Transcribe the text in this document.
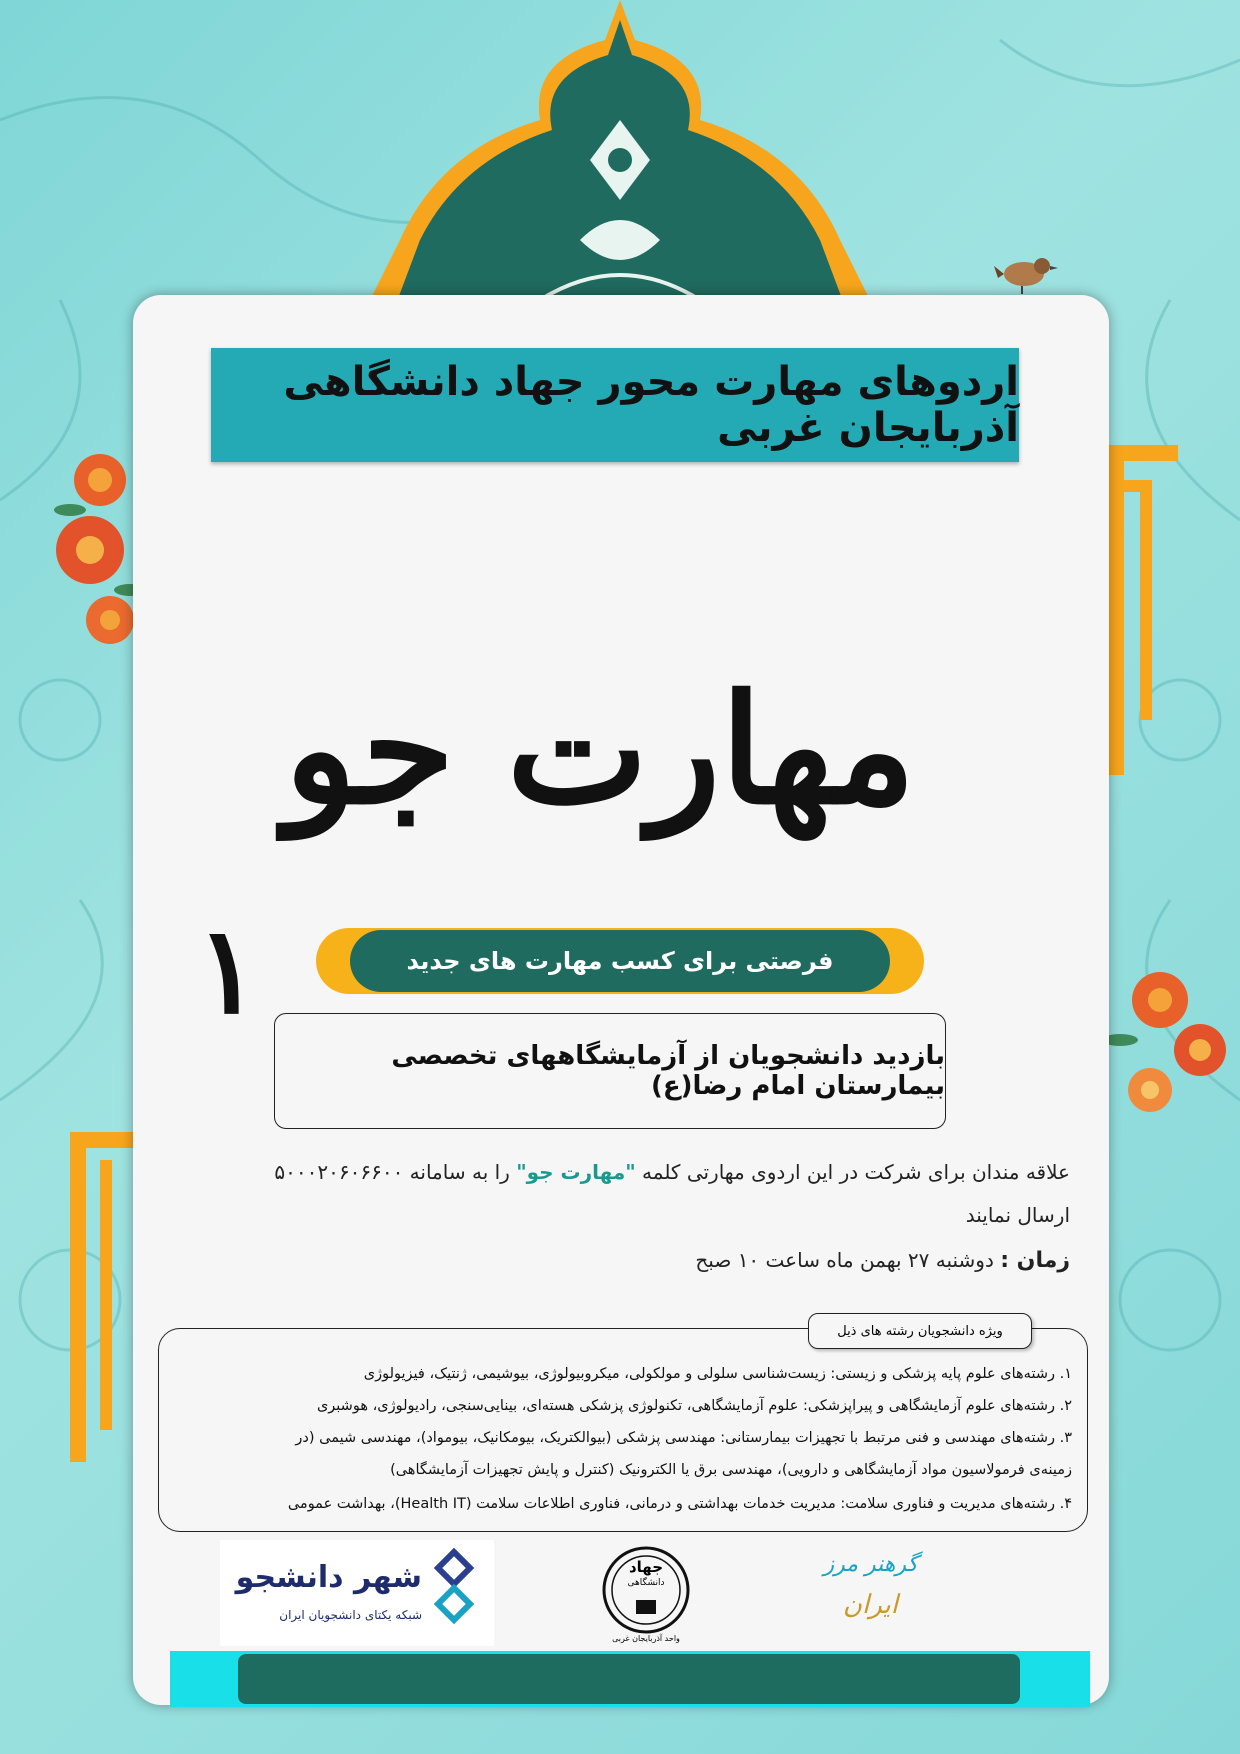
اردوهای مهارت محور جهاد دانشگاهی آذربایجان غربی
مهارت جو
۱	فرصتی برای کسب مهارت های جدید
بازدید دانشجویان از آزمایشگاههای تخصصی بیمارستان امام رضا(ع)
علاقه مندان برای شرکت در این اردوی مهارتی کلمه "مهارت جو" را به سامانه ۵۰۰۰۲۰۶۰۶۶۰۰
ارسال نمایند
زمان : دوشنبه ۲۷ بهمن ماه ساعت ۱۰ صبح
ویژه دانشجویان رشته های ذیل
۱. رشته‌های علوم پایه پزشکی و زیستی: زیست‌شناسی سلولی و مولکولی، میکروبیولوژی، بیوشیمی، ژنتیک، فیزیولوژی
۲. رشته‌های علوم آزمایشگاهی و پیراپزشکی: علوم آزمایشگاهی، تکنولوژی پزشکی هسته‌ای، بینایی‌سنجی، رادیولوژی، هوشبری
۳. رشته‌های مهندسی و فنی مرتبط با تجهیزات بیمارستانی: مهندسی پزشکی (بیوالکتریک، بیومکانیک، بیومواد)، مهندسی شیمی (در
زمینه‌ی فرمولاسیون مواد آزمایشگاهی و دارویی)، مهندسی برق یا الکترونیک (کنترل و پایش تجهیزات آزمایشگاهی)
۴. رشته‌های مدیریت و فناوری سلامت: مدیریت خدمات بهداشتی و درمانی، فناوری اطلاعات سلامت (Health IT)، بهداشت عمومی
شهر دانشجو
شبکه یکتای دانشجویان ایران
جهاد
دانشگاهی
واحد آذربایجان غربی
گرهنر مرز
ایران
